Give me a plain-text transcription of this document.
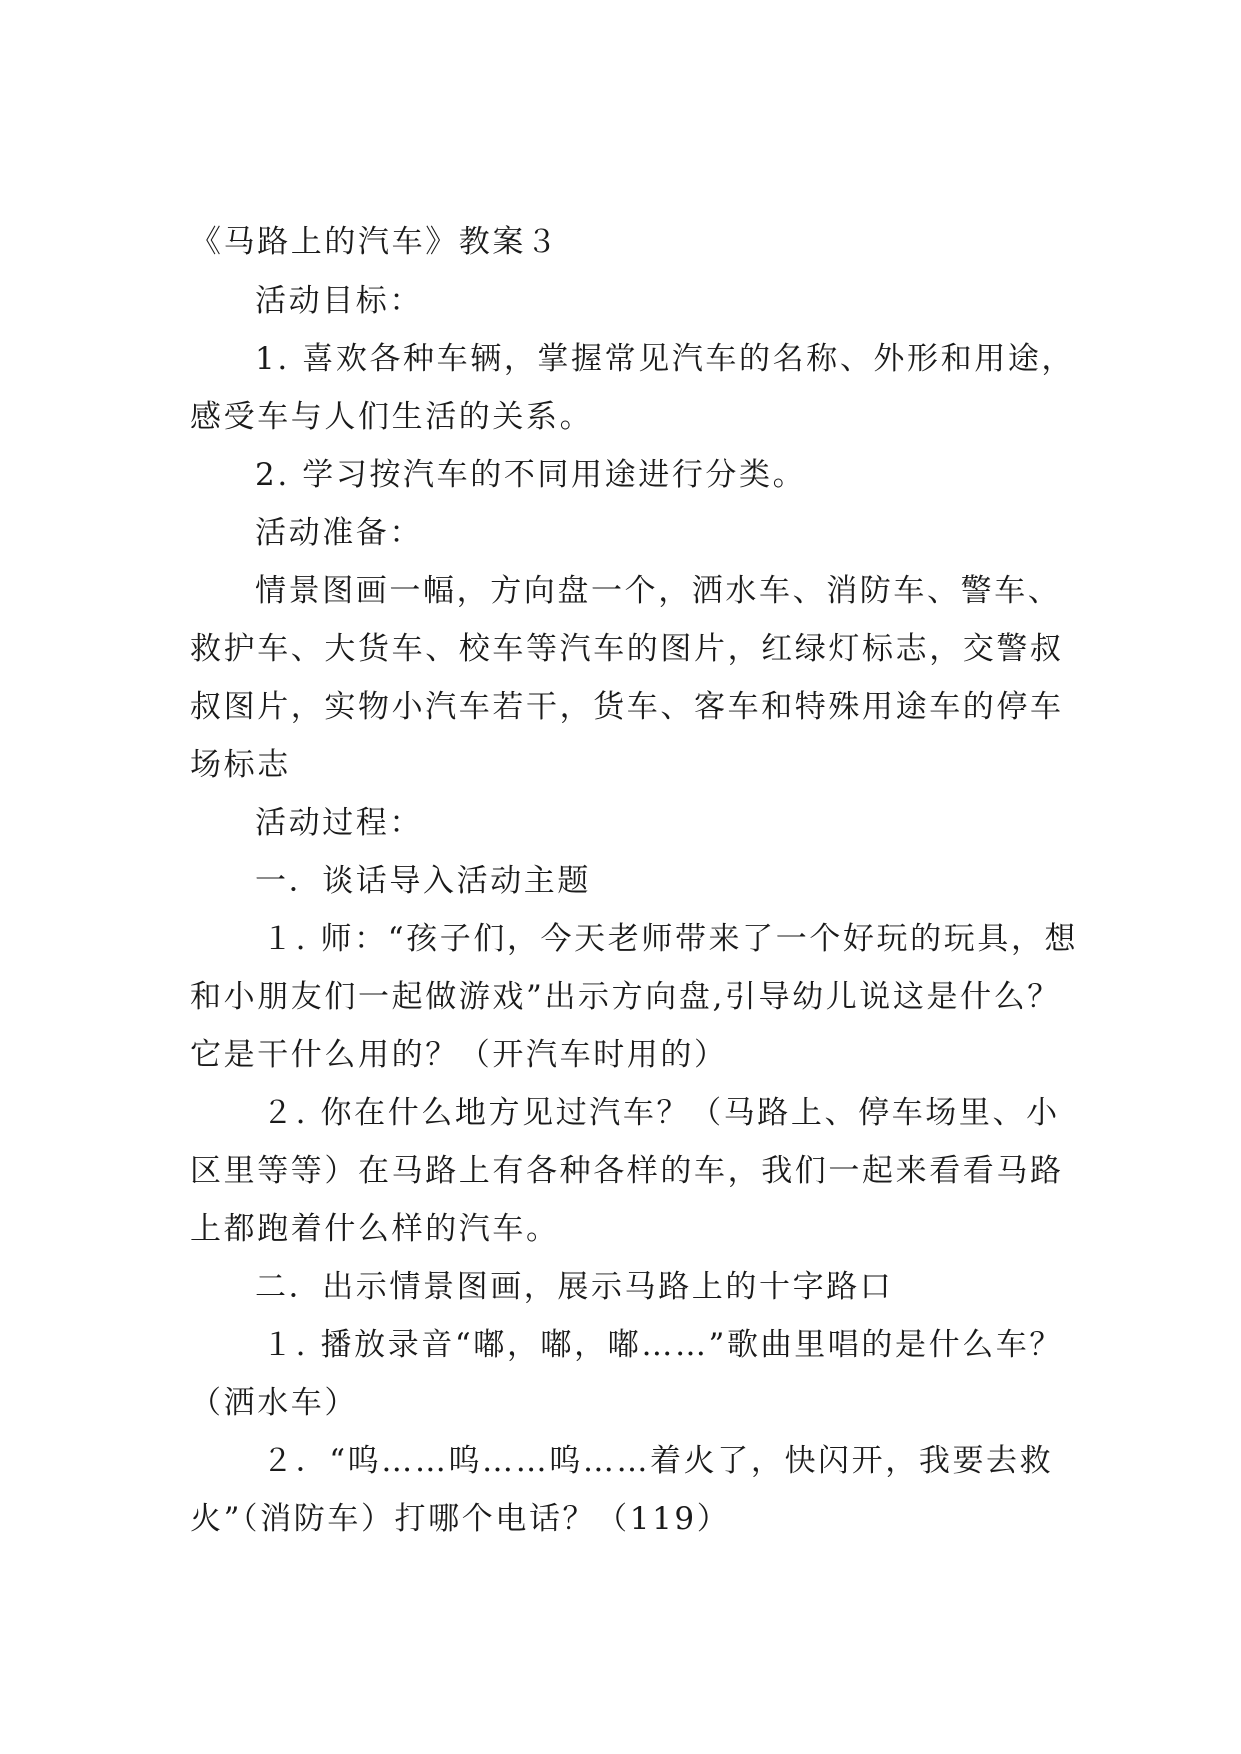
《马路上的汽车》教案３
活动目标：
1. 喜欢各种车辆，掌握常见汽车的名称、外形和用途，
感受车与人们生活的关系。
2. 学习按汽车的不同用途进行分类。
活动准备：
情景图画一幅，方向盘一个，洒水车、消防车、警车、
救护车、大货车、校车等汽车的图片，红绿灯标志，交警叔
叔图片，实物小汽车若干，货车、客车和特殊用途车的停车
场标志
活动过程：
一．谈话导入活动主题
１. 师：“孩子们，今天老师带来了一个好玩的玩具，想
和小朋友们一起做游戏”出示方向盘,引导幼儿说这是什么？
它是干什么用的？（开汽车时用的）
２. 你在什么地方见过汽车？（马路上、停车场里、小
区里等等）在马路上有各种各样的车，我们一起来看看马路
上都跑着什么样的汽车。
二．出示情景图画，展示马路上的十字路口
１. 播放录音“嘟，嘟，嘟……”歌曲里唱的是什么车？
（洒水车）
２．“呜……呜……呜……着火了，快闪开，我要去救
火”（消防车）打哪个电话？（119）
